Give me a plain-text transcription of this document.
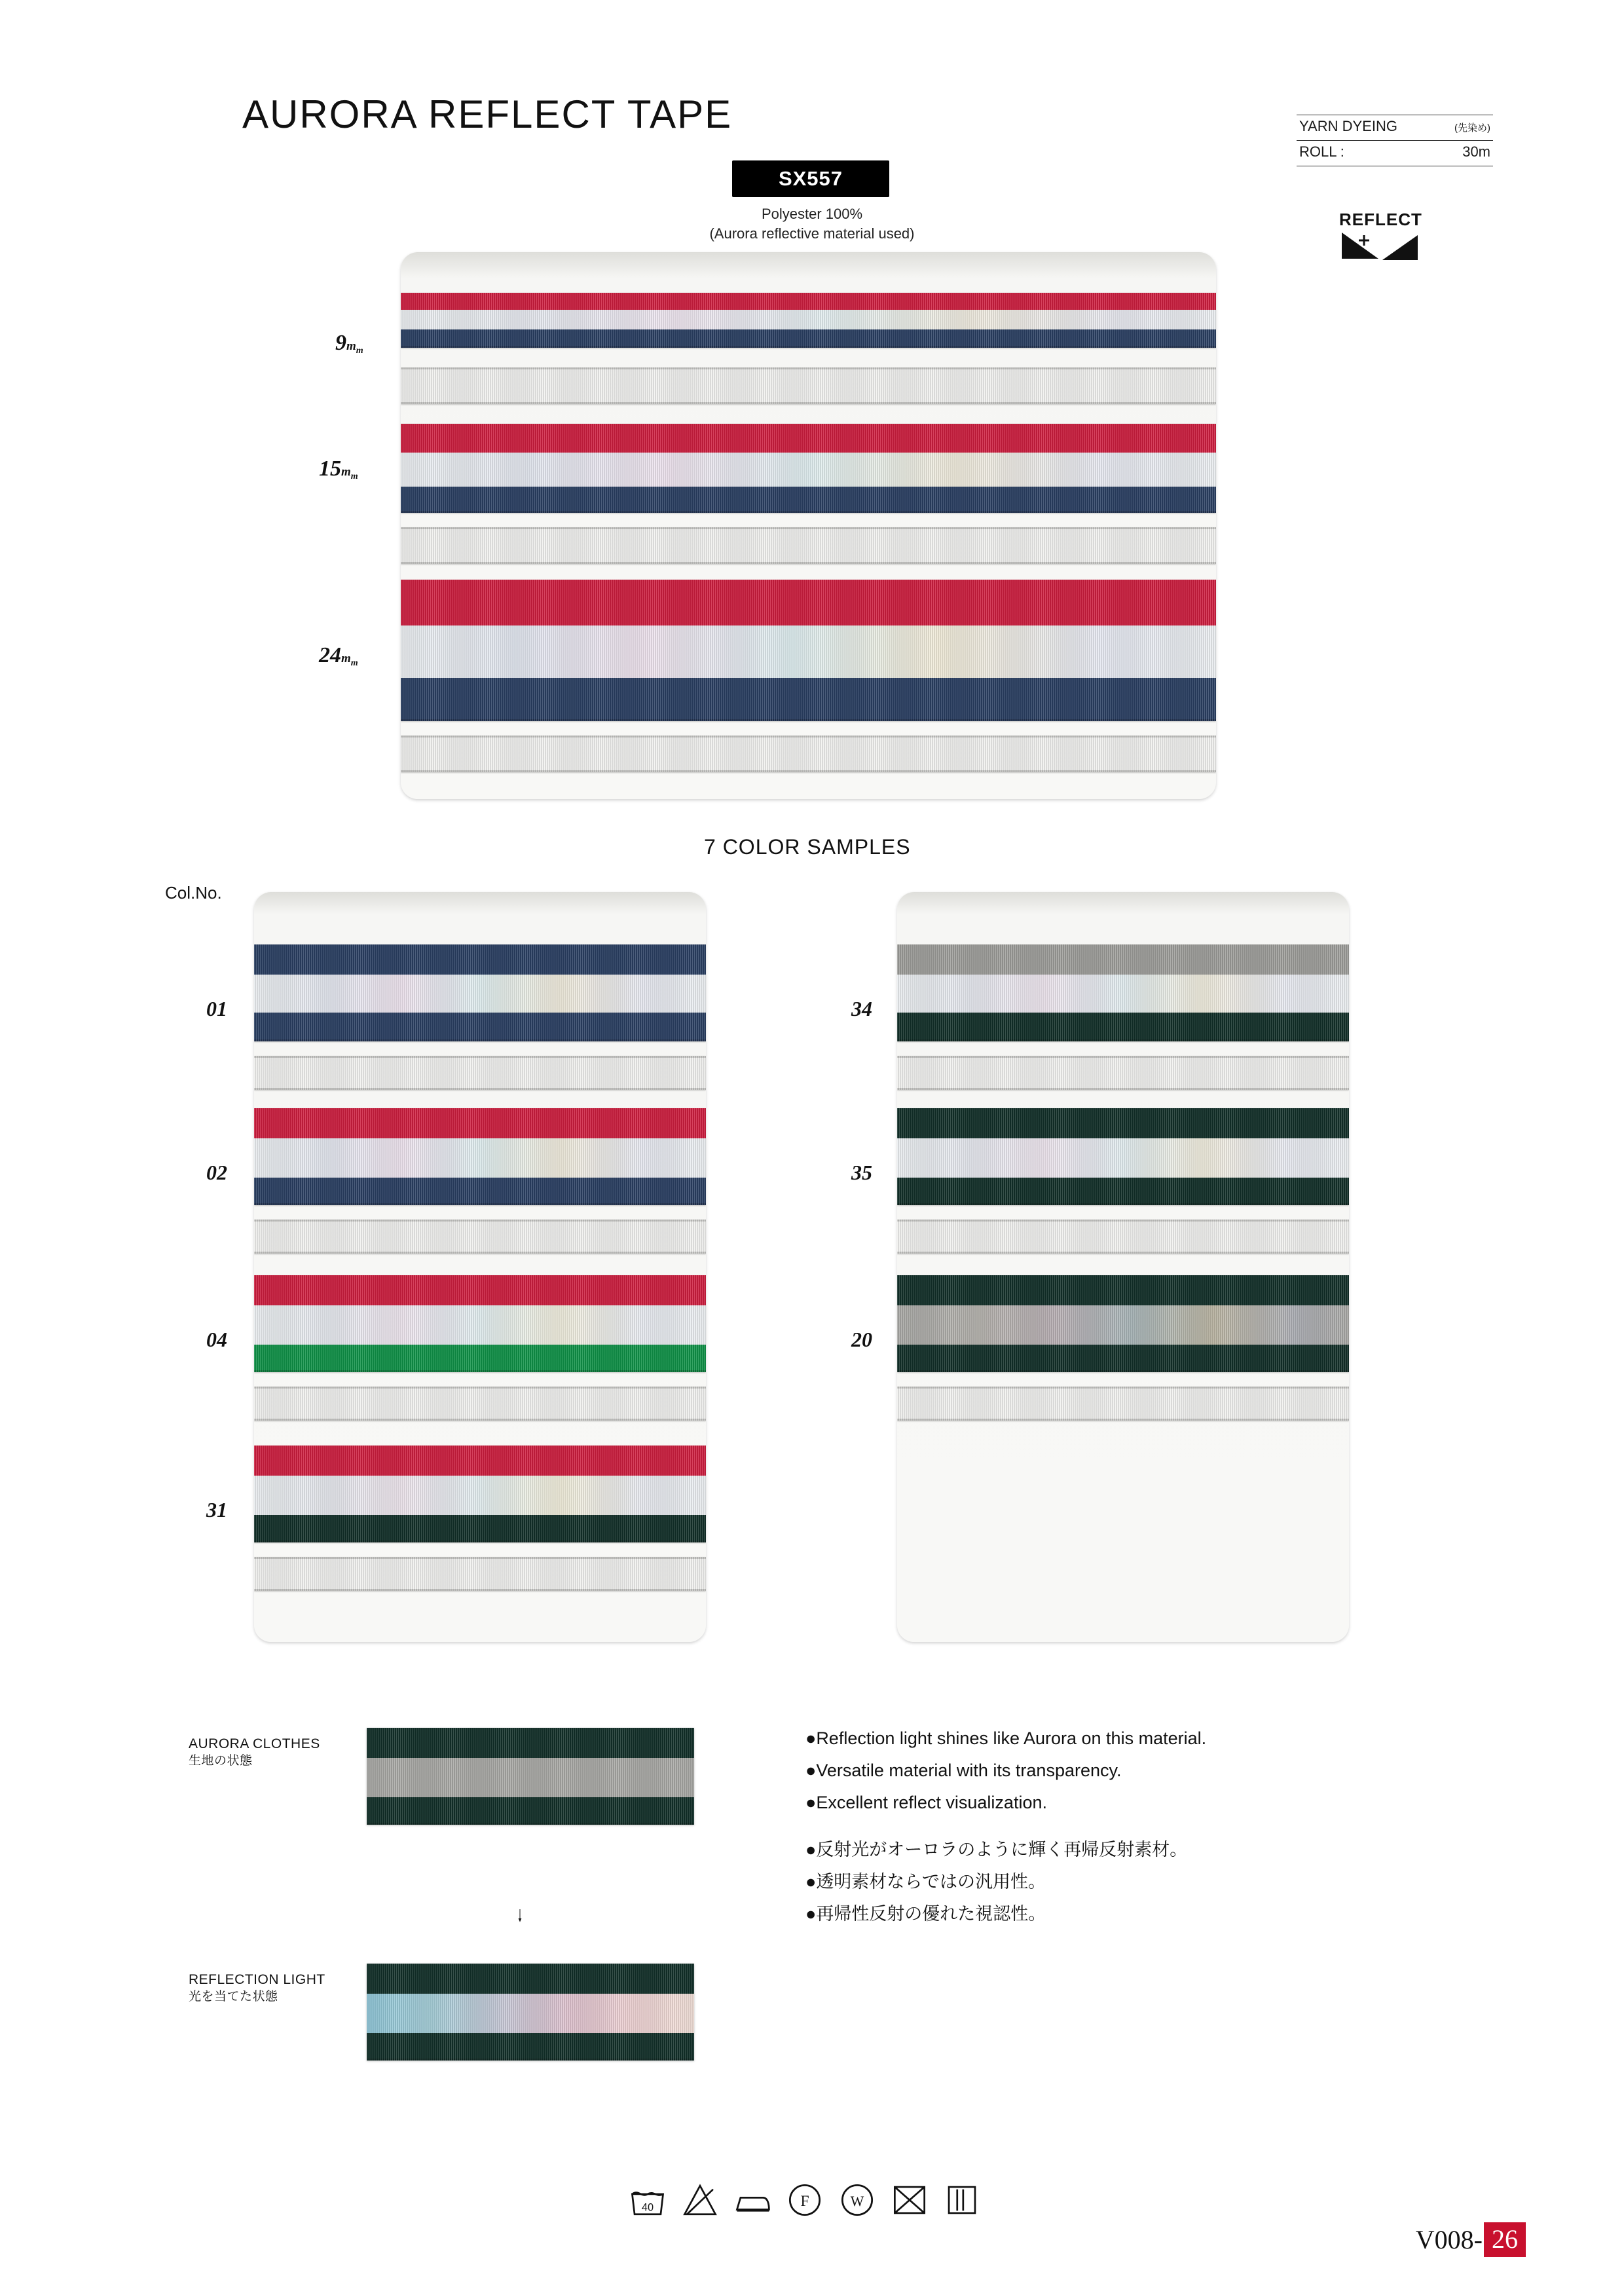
AURORA REFLECT TAPE
SX557
Polyester 100%
(Aurora reflective material used)
YARN DYEING	(先染め)
ROLL :	30m
REFLECT
$9m_m$
$15m_m$
$24m_m$
7 COLOR SAMPLES
Col.No.
01
02
04
31
34
35
20
AURORA CLOTHES
生地の状態
REFLECTION LIGHT
光を当てた状態
●Reflection light shines like Aurora on this material.
●Versatile material with its transparency.
●Excellent reflect visualization.
●反射光がオーロラのように輝く再帰反射素材。
●透明素材ならではの汎用性。
●再帰性反射の優れた視認性。
40	F	W
V008- 26
